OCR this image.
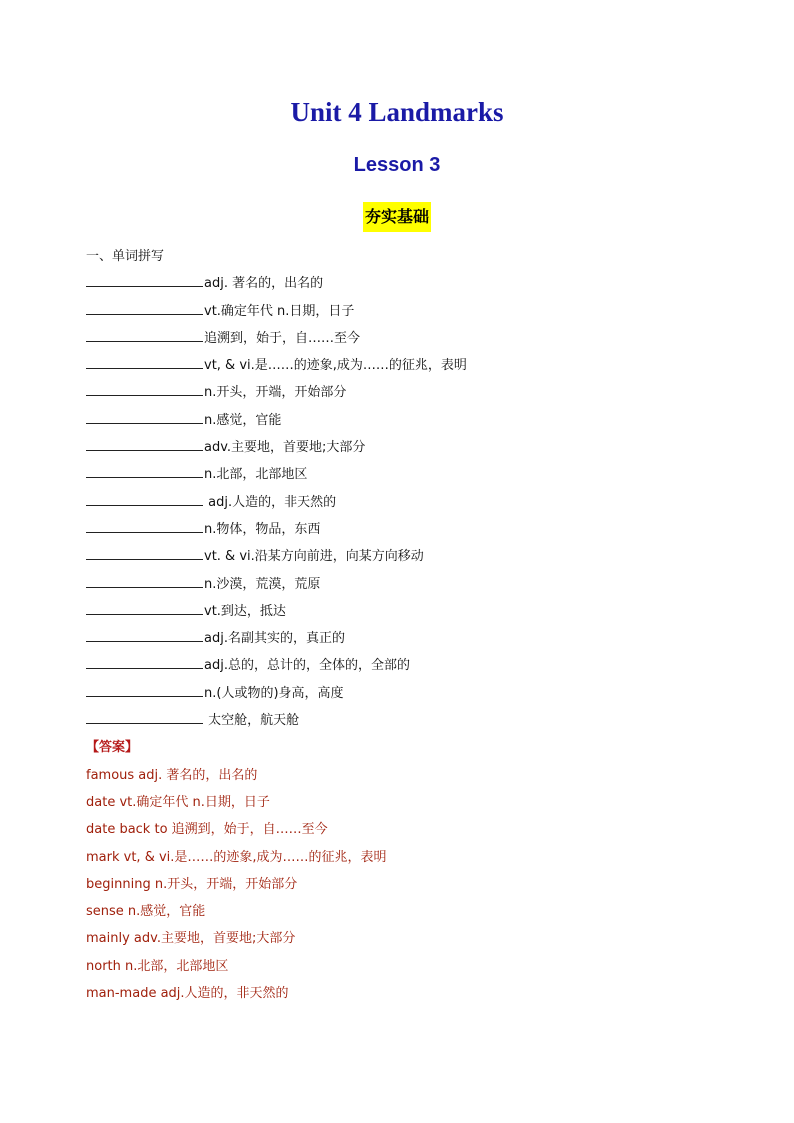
Unit 4 Landmarks
Lesson 3
夯实基础
一、单词拼写
adj. 著名的，出名的
vt.确定年代 n.日期，日子
追溯到，始于，自……至今
vt, & vi.是……的迹象,成为……的征兆，表明
n.开头，开端，开始部分
n.感觉，官能
adv.主要地，首要地;大部分
n.北部，北部地区
adj.人造的，非天然的
n.物体，物品，东西
vt. & vi.沿某方向前进，向某方向移动
n.沙漠，荒漠，荒原
vt.到达，抵达
adj.名副其实的，真正的
adj.总的，总计的，全体的，全部的
n.(人或物的)身高，高度
太空舱，航天舱
【答案】
famous adj. 著名的，出名的
date vt.确定年代 n.日期，日子
date back to 追溯到，始于，自……至今
mark vt, & vi.是……的迹象,成为……的征兆，表明
beginning n.开头，开端，开始部分
sense n.感觉，官能
mainly adv.主要地，首要地;大部分
north n.北部，北部地区
man-made adj.人造的，非天然的
